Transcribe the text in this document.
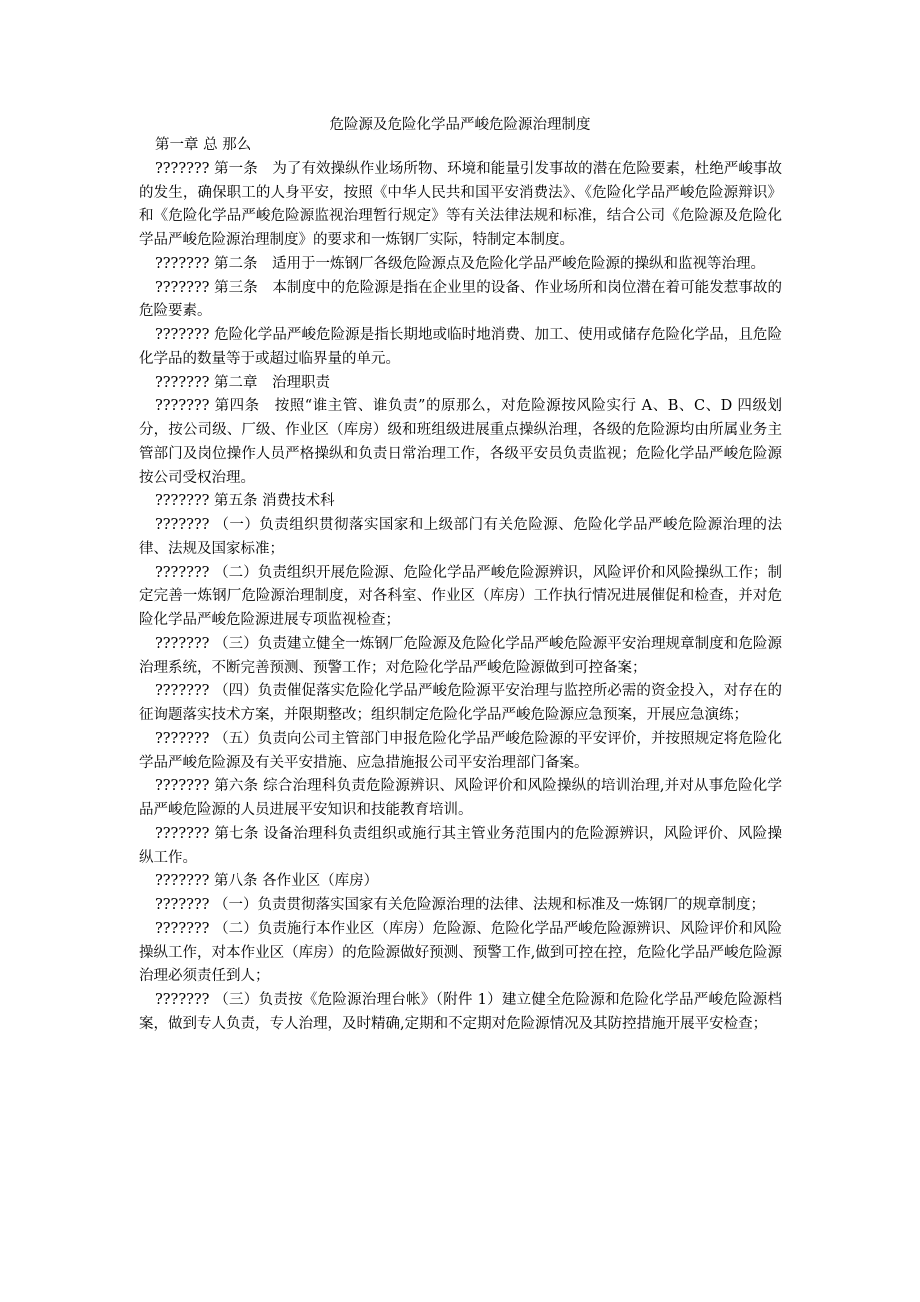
危险源及危险化学品严峻危险源治理制度

第一章 总 那么

??????? 第一条　为了有效操纵作业场所物、环境和能量引发事故的潜在危险要素，杜绝严峻事故的发生，确保职工的人身平安，按照《中华人民共和国平安消费法》、《危险化学品严峻危险源辩识》和《危险化学品严峻危险源监视治理暂行规定》等有关法律法规和标准，结合公司《危险源及危险化学品严峻危险源治理制度》的要求和一炼钢厂实际，特制定本制度。

??????? 第二条　适用于一炼钢厂各级危险源点及危险化学品严峻危险源的操纵和监视等治理。

??????? 第三条　本制度中的危险源是指在企业里的设备、作业场所和岗位潜在着可能发惹事故的危险要素。

??????? 危险化学品严峻危险源是指长期地或临时地消费、加工、使用或储存危险化学品，且危险化学品的数量等于或超过临界量的单元。

??????? 第二章　治理职责

??????? 第四条　按照“谁主管、谁负责”的原那么，对危险源按风险实行 A、B、C、D 四级划分，按公司级、厂级、作业区（库房）级和班组级进展重点操纵治理，各级的危险源均由所属业务主管部门及岗位操作人员严格操纵和负责日常治理工作，各级平安员负责监视；危险化学品严峻危险源按公司受权治理。

??????? 第五条 消费技术科

??????? （一）负责组织贯彻落实国家和上级部门有关危险源、危险化学品严峻危险源治理的法律、法规及国家标准；

??????? （二）负责组织开展危险源、危险化学品严峻危险源辨识，风险评价和风险操纵工作；制定完善一炼钢厂危险源治理制度，对各科室、作业区（库房）工作执行情况进展催促和检查，并对危险化学品严峻危险源进展专项监视检查；

??????? （三）负责建立健全一炼钢厂危险源及危险化学品严峻危险源平安治理规章制度和危险源治理系统，不断完善预测、预警工作；对危险化学品严峻危险源做到可控备案；

??????? （四）负责催促落实危险化学品严峻危险源平安治理与监控所必需的资金投入，对存在的征询题落实技术方案，并限期整改；组织制定危险化学品严峻危险源应急预案，开展应急演练；

??????? （五）负责向公司主管部门申报危险化学品严峻危险源的平安评价，并按照规定将危险化学品严峻危险源及有关平安措施、应急措施报公司平安治理部门备案。

??????? 第六条 综合治理科负责危险源辨识、风险评价和风险操纵的培训治理,并对从事危险化学品严峻危险源的人员进展平安知识和技能教育培训。

??????? 第七条 设备治理科负责组织或施行其主管业务范围内的危险源辨识，风险评价、风险操纵工作。

??????? 第八条 各作业区（库房）

??????? （一）负责贯彻落实国家有关危险源治理的法律、法规和标准及一炼钢厂的规章制度；

??????? （二）负责施行本作业区（库房）危险源、危险化学品严峻危险源辨识、风险评价和风险操纵工作，对本作业区（库房）的危险源做好预测、预警工作,做到可控在控，危险化学品严峻危险源治理必须责任到人；

??????? （三）负责按《危险源治理台帐》（附件 1）建立健全危险源和危险化学品严峻危险源档案，做到专人负责，专人治理，及时精确,定期和不定期对危险源情况及其防控措施开展平安检查；
